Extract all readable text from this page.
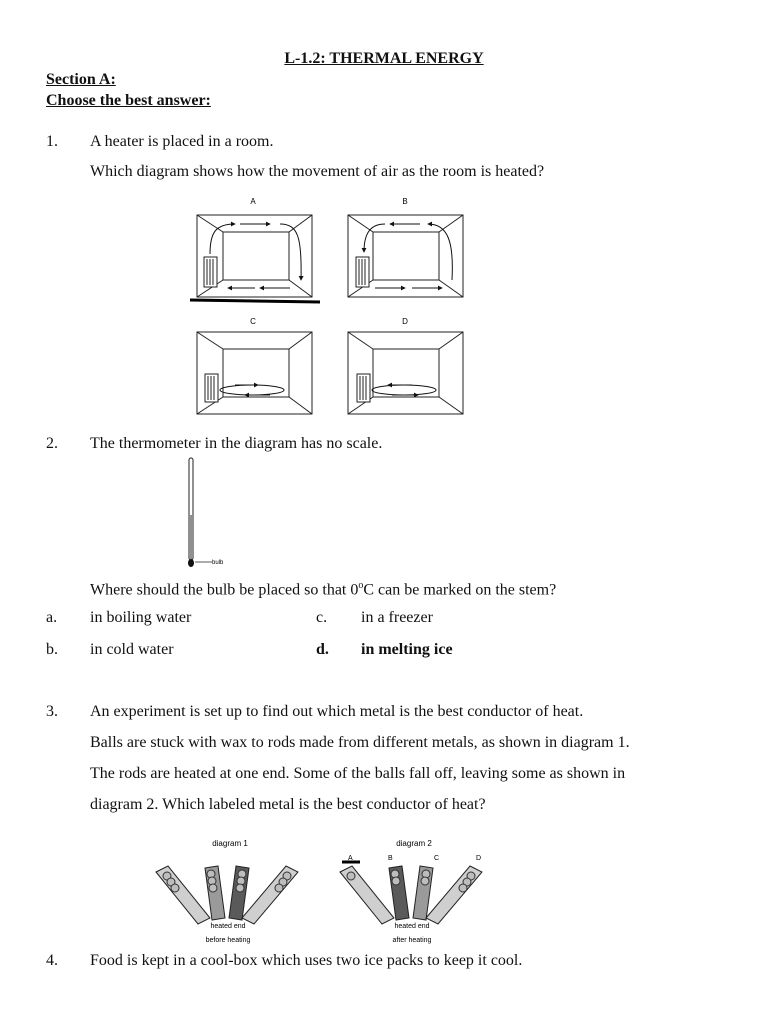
L-1.2: THERMAL ENERGY
Section A:
Choose the best answer:
1. A heater is placed in a room.
Which diagram shows how the movement of air as the room is heated?
A	B
C	D
2. The thermometer in the diagram has no scale.
bulb
Where should the bulb be placed so that 0$^o$C can be marked on the stem?
a. in boiling water	c. in a freezer
b. in cold water	d. in melting ice
3. An experiment is set up to find out which metal is the best conductor of heat.
Balls are stuck with wax to rods made from different metals, as shown in diagram 1.
The rods are heated at one end. Some of the balls fall off, leaving some as shown in
diagram 2. Which labeled metal is the best conductor of heat?
diagram 1
heated end
before heating
diagram 2
A	B	C	D
heated end
after heating
4. Food is kept in a cool-box which uses two ice packs to keep it cool.
